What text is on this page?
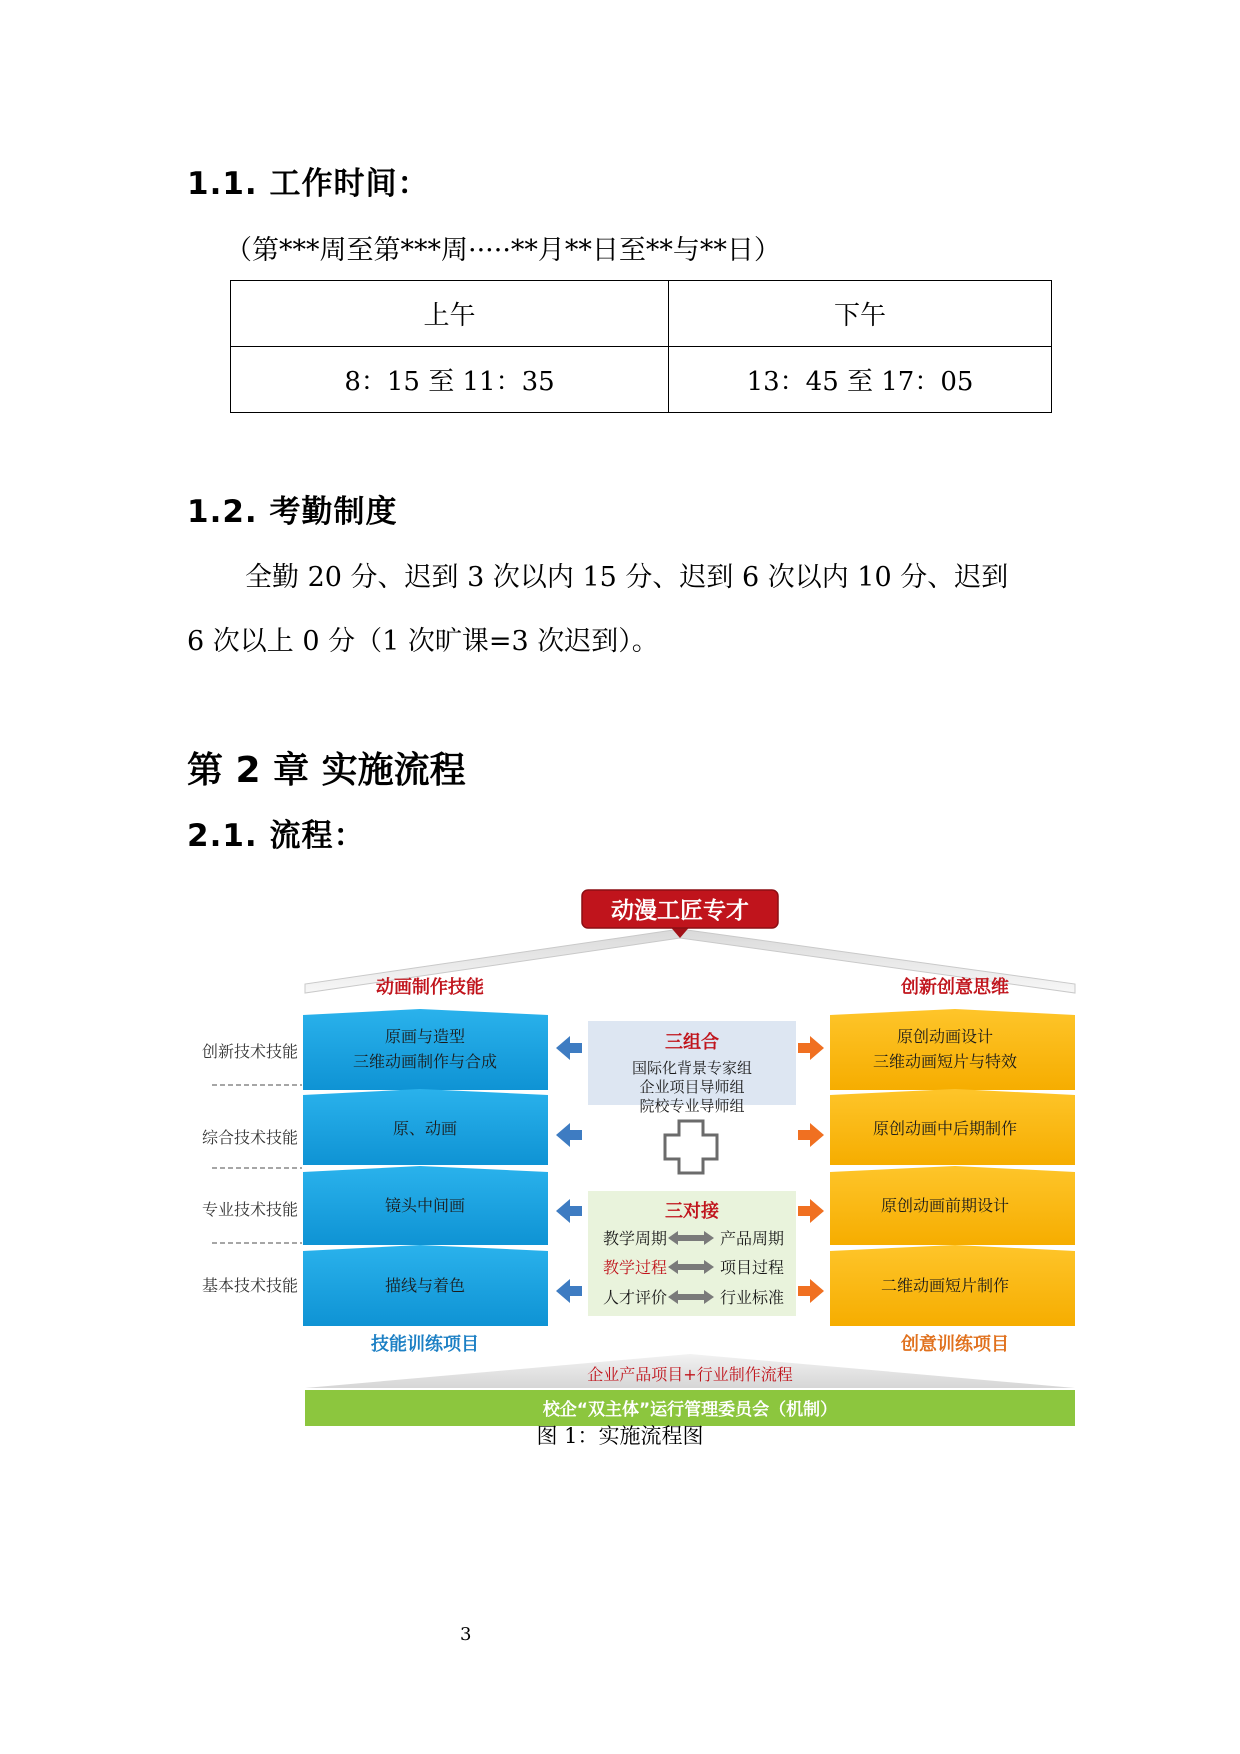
1.1. 工作时间：

（第***周至第***周·····**月**日至**与**日）

上午	下午
8：15 至 11：35	13：45 至 17：05
1.2. 考勤制度

全勤 20 分、迟到 3 次以内 15 分、迟到 6 次以内 10 分、迟到

6 次以上 0 分（1 次旷课=3 次迟到）。

第 2 章 实施流程
2.1. 流程：
动漫工匠专才
动画制作技能	创新创意思维
创新技术技能
综合技术技能
专业技术技能
基本技术技能
原画与造型
三维动画制作与合成
原、动画
镜头中间画
描线与着色
原创动画设计
三维动画短片与特效
原创动画中后期制作
原创动画前期设计
二维动画短片制作
三组合
国际化背景专家组
企业项目导师组
院校专业导师组
三对接
教学周期	产品周期
教学过程	项目过程
人才评价	行业标准
技能训练项目	创意训练项目
企业产品项目+行业制作流程
校企“双主体”运行管理委员会（机制）
图 1：实施流程图
3
